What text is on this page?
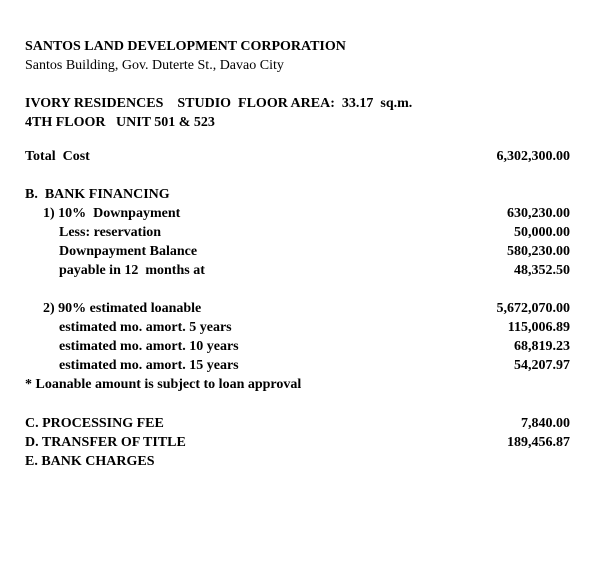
SANTOS LAND DEVELOPMENT CORPORATION
Santos Building, Gov. Duterte St., Davao City

IVORY RESIDENCES    STUDIO  FLOOR AREA:  33.17  sq.m.

4TH FLOOR   UNIT 501 & 523
Total  Cost	6,302,300.00
B.  BANK FINANCING
1) 10%  Downpayment	630,230.00
Less: reservation	50,000.00
Downpayment Balance	580,230.00
payable in 12  months at	48,352.50
2) 90% estimated loanable	5,672,070.00
estimated mo. amort. 5 years	115,006.89
estimated mo. amort. 10 years	68,819.23
estimated mo. amort. 15 years	54,207.97
* Loanable amount is subject to loan approval
C. PROCESSING FEE	7,840.00
D. TRANSFER OF TITLE	189,456.87
E. BANK CHARGES
